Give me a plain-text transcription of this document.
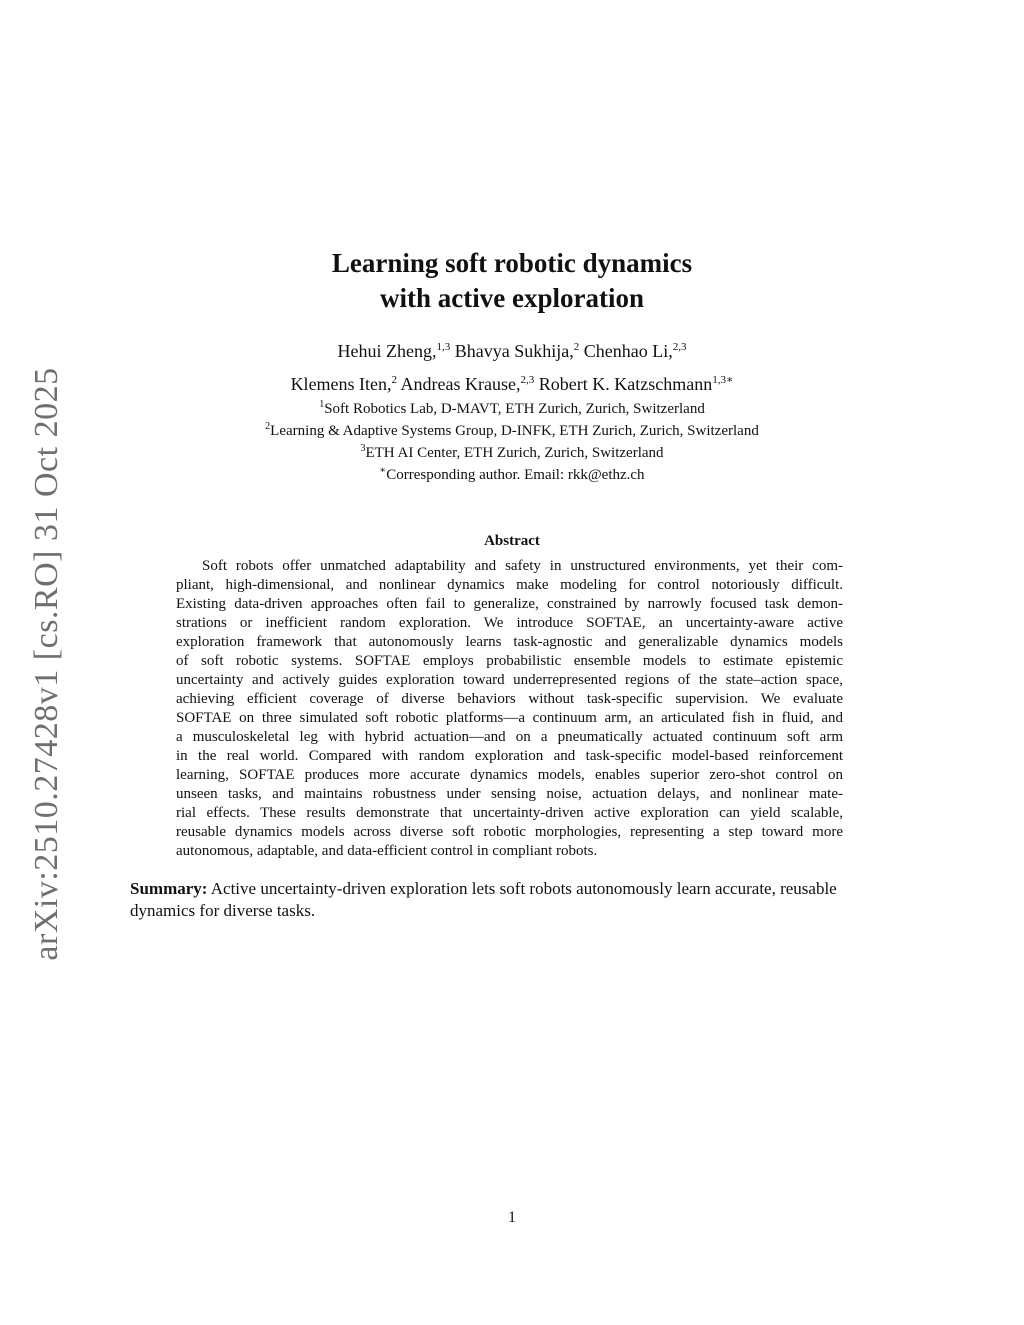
arXiv:2510.27428v1 [cs.RO] 31 Oct 2025
Learning soft robotic dynamics
with active exploration
Hehui Zheng,$^{1,3}$ Bhavya Sukhija,$^2$ Chenhao Li,$^{2,3}$
Klemens Iten,$^2$ Andreas Krause,$^{2,3}$ Robert K. Katzschmann$^{1,3∗}$
$^1$Soft Robotics Lab, D-MAVT, ETH Zurich, Zurich, Switzerland
$^2$Learning & Adaptive Systems Group, D-INFK, ETH Zurich, Zurich, Switzerland
$^3$ETH AI Center, ETH Zurich, Zurich, Switzerland
∗Corresponding author. Email: rkk@ethz.ch
Abstract
Soft robots offer unmatched adaptability and safety in unstructured environments, yet their com-
pliant, high-dimensional, and nonlinear dynamics make modeling for control notoriously difficult.
Existing data-driven approaches often fail to generalize, constrained by narrowly focused task demon-
strations or inefficient random exploration. We introduce SOFTAE, an uncertainty-aware active
exploration framework that autonomously learns task-agnostic and generalizable dynamics models
of soft robotic systems. SOFTAE employs probabilistic ensemble models to estimate epistemic
uncertainty and actively guides exploration toward underrepresented regions of the state–action space,
achieving efficient coverage of diverse behaviors without task-specific supervision. We evaluate
SOFTAE on three simulated soft robotic platforms—a continuum arm, an articulated fish in fluid, and
a musculoskeletal leg with hybrid actuation—and on a pneumatically actuated continuum soft arm
in the real world. Compared with random exploration and task-specific model-based reinforcement
learning, SOFTAE produces more accurate dynamics models, enables superior zero-shot control on
unseen tasks, and maintains robustness under sensing noise, actuation delays, and nonlinear mate-
rial effects. These results demonstrate that uncertainty-driven active exploration can yield scalable,
reusable dynamics models across diverse soft robotic morphologies, representing a step toward more
autonomous, adaptable, and data-efficient control in compliant robots.
Summary: Active uncertainty-driven exploration lets soft robots autonomously learn accurate, reusable
dynamics for diverse tasks.
1
